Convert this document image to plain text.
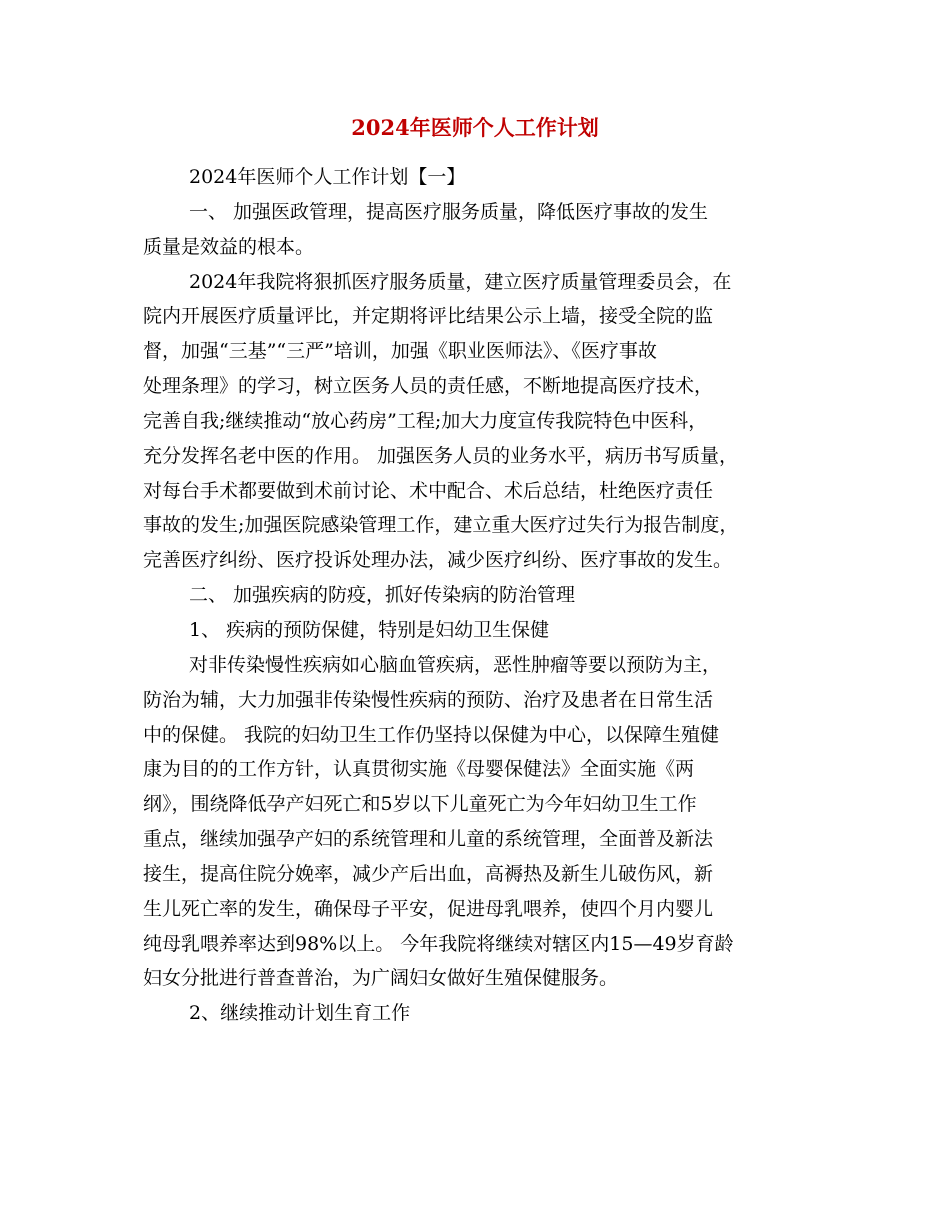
2024年医师个人工作计划
2024年医师个人工作计划【一】
一、 加强医政管理，提高医疗服务质量，降低医疗事故的发生
质量是效益的根本。
2024年我院将狠抓医疗服务质量，建立医疗质量管理委员会，在
院内开展医疗质量评比，并定期将评比结果公示上墙，接受全院的监
督，加强“三基”“三严”培训，加强《职业医师法》、《医疗事故
处理条理》的学习，树立医务人员的责任感，不断地提高医疗技术，
完善自我;继续推动“放心药房”工程;加大力度宣传我院特色中医科，
充分发挥名老中医的作用。 加强医务人员的业务水平，病历书写质量，
对每台手术都要做到术前讨论、术中配合、术后总结，杜绝医疗责任
事故的发生;加强医院感染管理工作，建立重大医疗过失行为报告制度，
完善医疗纠纷、医疗投诉处理办法，减少医疗纠纷、医疗事故的发生。
二、 加强疾病的防疫，抓好传染病的防治管理
1、 疾病的预防保健，特别是妇幼卫生保健
对非传染慢性疾病如心脑血管疾病，恶性肿瘤等要以预防为主，
防治为辅，大力加强非传染慢性疾病的预防、治疗及患者在日常生活
中的保健。 我院的妇幼卫生工作仍坚持以保健为中心，以保障生殖健
康为目的的工作方针，认真贯彻实施《母婴保健法》全面实施《两
纲》，围绕降低孕产妇死亡和5岁以下儿童死亡为今年妇幼卫生工作
重点，继续加强孕产妇的系统管理和儿童的系统管理，全面普及新法
接生，提高住院分娩率，减少产后出血，高褥热及新生儿破伤风，新
生儿死亡率的发生，确保母子平安，促进母乳喂养，使四个月内婴儿
纯母乳喂养率达到98%以上。 今年我院将继续对辖区内15—49岁育龄
妇女分批进行普查普治，为广阔妇女做好生殖保健服务。
2、继续推动计划生育工作
